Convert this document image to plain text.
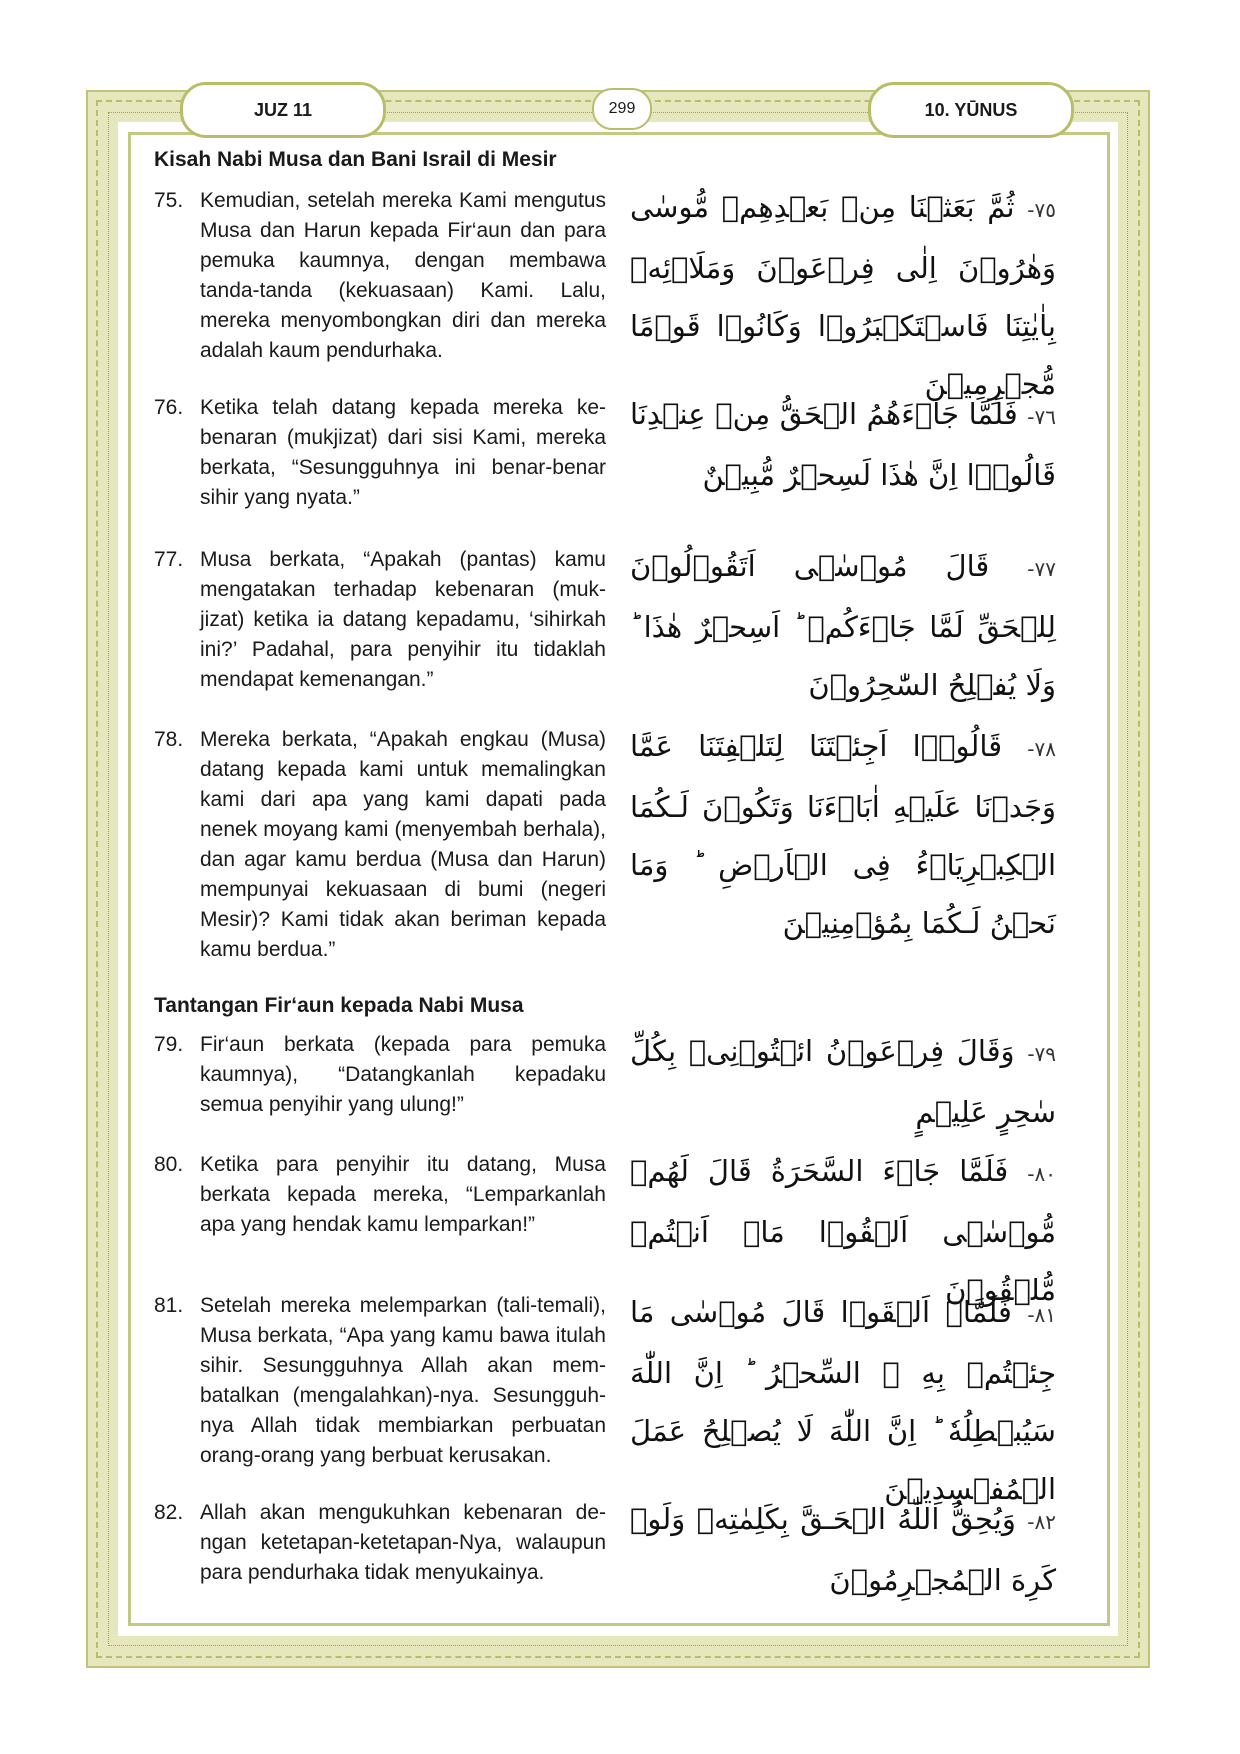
JUZ 11	299	10. YŪNUS
Kisah Nabi Musa dan Bani Israil di Mesir
75. Kemudian, setelah mereka Kami mengutus Musa dan Harun kepada Fir‘aun dan para pemuka kaumnya, dengan membawa tanda-tanda (kekuasaan) Kami. Lalu, mereka menyombongkan diri dan mereka adalah kaum pendurhaka.
٧٥- ثُمَّ بَعَثۡنَا مِنۢ بَعۡدِهِمۡ مُّوسٰى وَهٰرُوۡنَ اِلٰى فِرۡعَوۡنَ وَمَلَا۟ئِهٖ بِاٰيٰتِنَا فَاسۡتَكۡبَرُوۡا وَكَانُوۡا قَوۡمًا مُّجۡرِمِيۡنَ
76. Ketika telah datang kepada mereka kebenaran (mukjizat) dari sisi Kami, mereka berkata, “Sesungguhnya ini benar-benar sihir yang nyata.”
٧٦- فَلَمَّا جَاۤءَهُمُ الۡحَقُّ مِنۡ عِنۡدِنَا قَالُوۡۤا اِنَّ هٰذَا لَسِحۡرٌ مُّبِيۡنٌ
77. Musa berkata, “Apakah (pantas) kamu mengatakan terhadap kebenaran (mukjizat) ketika ia datang kepadamu, ‘sihirkah ini?’ Padahal, para penyihir itu tidaklah mendapat kemenangan.”
٧٧- قَالَ مُوۡسٰۤى اَتَقُوۡلُوۡنَ لِلۡحَقِّ لَمَّا جَاۤءَكُمۡ ؕ اَسِحۡرٌ هٰذَا ؕ وَلَا يُفۡلِحُ السّٰحِرُوۡنَ
78. Mereka berkata, “Apakah engkau (Musa) datang kepada kami untuk memalingkan kami dari apa yang kami dapati pada nenek moyang kami (menyembah berhala), dan agar kamu berdua (Musa dan Harun) mempunyai kekuasaan di bumi (negeri Mesir)? Kami tidak akan beriman kepada kamu berdua.”
٧٨- قَالُوۡۤا اَجِئۡتَنَا لِتَلۡفِتَنَا عَمَّا وَجَدۡنَا عَلَيۡهِ اٰبَاۤءَنَا وَتَكُوۡنَ لَـكُمَا الۡكِبۡرِيَاۤءُ فِى الۡاَرۡضِ ؕ وَمَا نَحۡنُ لَـكُمَا بِمُؤۡمِنِيۡنَ
Tantangan Fir‘aun kepada Nabi Musa
79. Fir‘aun berkata (kepada para pemuka kaumnya), “Datangkanlah kepadaku semua penyihir yang ulung!”
٧٩- وَقَالَ فِرۡعَوۡنُ ائۡتُوۡنِىۡ بِكُلِّ سٰحِرٍ عَلِيۡمٍ
80. Ketika para penyihir itu datang, Musa berkata kepada mereka, “Lemparkanlah apa yang hendak kamu lemparkan!”
٨٠- فَلَمَّا جَاۤءَ السَّحَرَةُ قَالَ لَهُمۡ مُّوۡسٰۤى اَلۡقُوۡا مَاۤ اَنۡتُمۡ مُّلۡقُوۡنَ
81. Setelah mereka melemparkan (tali-temali), Musa berkata, “Apa yang kamu bawa itulah sihir. Sesungguhnya Allah akan membatalkan (mengalahkan)-nya. Sesungguhnya Allah tidak membiarkan perbuatan orang-orang yang berbuat kerusakan.
٨١- فَلَمَّاۤ اَلۡقَوۡا قَالَ مُوۡسٰى مَا جِئۡتُمۡ بِهِ ۙ السِّحۡرُ ؕ اِنَّ اللّٰهَ سَيُبۡطِلُهٗ ؕ اِنَّ اللّٰهَ لَا يُصۡلِحُ عَمَلَ الۡمُفۡسِدِيۡنَ
82. Allah akan mengukuhkan kebenaran dengan ketetapan-ketetapan-Nya, walaupun para pendurhaka tidak menyukainya.
٨٢- وَيُحِقُّ اللّٰهُ الۡحَـقَّ بِكَلِمٰتِهٖ وَلَوۡ كَرِهَ الۡمُجۡرِمُوۡنَ
